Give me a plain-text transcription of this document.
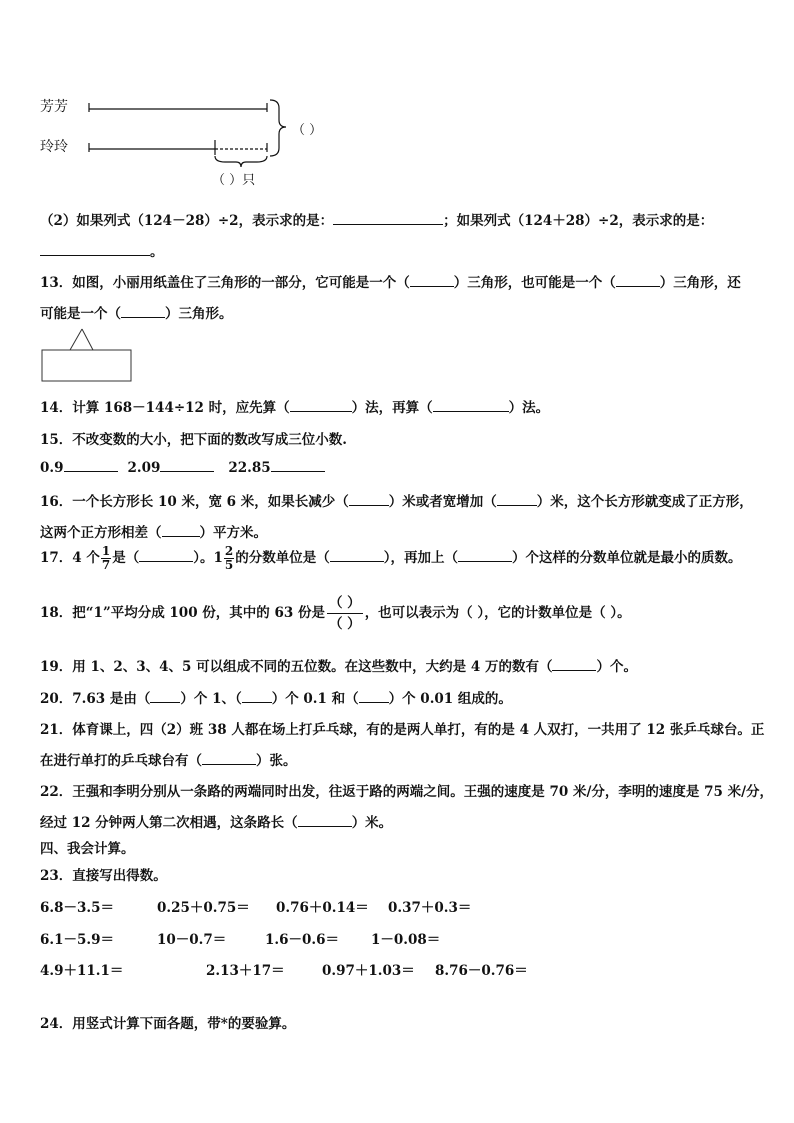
芳芳
玲玲
（ ）
（ ）只
（2）如果列式（124－28）÷2，表示求的是：	；如果列式（124＋28）÷2，表示求的是：
。
13．如图，小丽用纸盖住了三角形的一部分，它可能是一个（	）三角形，也可能是一个（	）三角形，还
可能是一个（	）三角形。
14．计算 168－144÷12 时，应先算（	）法，再算（	）法。
15．不改变数的大小，把下面的数改写成三位小数.
0.9	2.09	22.85
16．一个长方形长 10 米，宽 6 米，如果长减少（	）米或者宽增加（	）米，这个长方形就变成了正方形，
这两个正方形相差（	）平方米。
17．4 个 $\frac{1}{7}$ 是（	）。$1 \frac{2}{5}$ 的分数单位是（	），再加上（	）个这样的分数单位就是最小的质数。
18．把“1”平均分成 100 份，其中的 63 份是 $\frac{( )}{( )}$ ，也可以表示为（ ），它的计数单位是（ ）。
19．用 1、2、3、4、5 可以组成不同的五位数。在这些数中，大约是 4 万的数有（	）个。
20．7.63 是由（ ）个 1、（ ）个 0.1 和（ ）个 0.01 组成的。
21．体育课上，四（2）班 38 人都在场上打乒乓球，有的是两人单打，有的是 4 人双打，一共用了 12 张乒乓球台。正
在进行单打的乒乓球台有（	）张。
22．王强和李明分别从一条路的两端同时出发，往返于路的两端之间。王强的速度是 70 米/分，李明的速度是 75 米/分，
经过 12 分钟两人第二次相遇，这条路长（	）米。
四、我会计算。
23．直接写出得数。
6.8－3.5＝	0.25＋0.75＝ 0.76＋0.14＝ 0.37＋0.3＝
6.1－5.9＝	10－0.7＝	1.6－0.6＝ 1－0.08＝
4.9＋11.1＝	2.13＋17＝	0.97＋1.03＝ 8.76－0.76＝
24．用竖式计算下面各题，带*的要验算。
